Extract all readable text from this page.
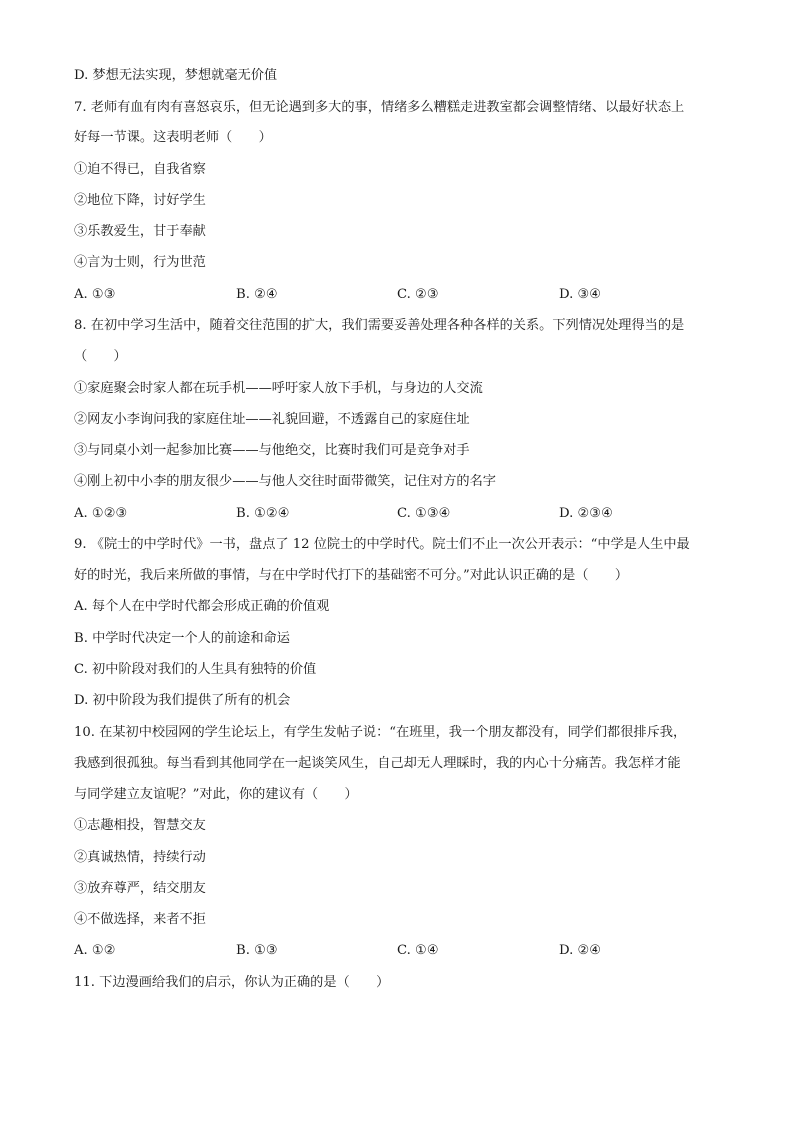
D. 梦想无法实现，梦想就毫无价值
7. 老师有血有肉有喜怒哀乐，但无论遇到多大的事，情绪多么糟糕走进教室都会调整情绪、以最好状态上
好每一节课。这表明老师（　　）
①迫不得已，自我省察
②地位下降，讨好学生
③乐教爱生，甘于奉献
④言为士则，行为世范
A. ①③	B. ②④	C. ②③	D. ③④
8. 在初中学习生活中，随着交往范围的扩大，我们需要妥善处理各种各样的关系。下列情况处理得当的是
（　　）
①家庭聚会时家人都在玩手机——呼吁家人放下手机，与身边的人交流
②网友小李询问我的家庭住址——礼貌回避，不透露自己的家庭住址
③与同桌小刘一起参加比赛——与他绝交，比赛时我们可是竞争对手
④刚上初中小李的朋友很少——与他人交往时面带微笑，记住对方的名字
A. ①②③	B. ①②④	C. ①③④	D. ②③④
9. 《院士的中学时代》一书，盘点了 12 位院士的中学时代。院士们不止一次公开表示：“中学是人生中最
好的时光，我后来所做的事情，与在中学时代打下的基础密不可分。”对此认识正确的是（　　）
A. 每个人在中学时代都会形成正确的价值观
B. 中学时代决定一个人的前途和命运
C. 初中阶段对我们的人生具有独特的价值
D. 初中阶段为我们提供了所有的机会
10. 在某初中校园网的学生论坛上，有学生发帖子说：“在班里，我一个朋友都没有，同学们都很排斥我，
我感到很孤独。每当看到其他同学在一起谈笑风生，自己却无人理睬时，我的内心十分痛苦。我怎样才能
与同学建立友谊呢？”对此，你的建议有（　　）
①志趣相投，智慧交友
②真诚热情，持续行动
③放弃尊严，结交朋友
④不做选择，来者不拒
A. ①②	B. ①③	C. ①④	D. ②④
11. 下边漫画给我们的启示，你认为正确的是（　　）
